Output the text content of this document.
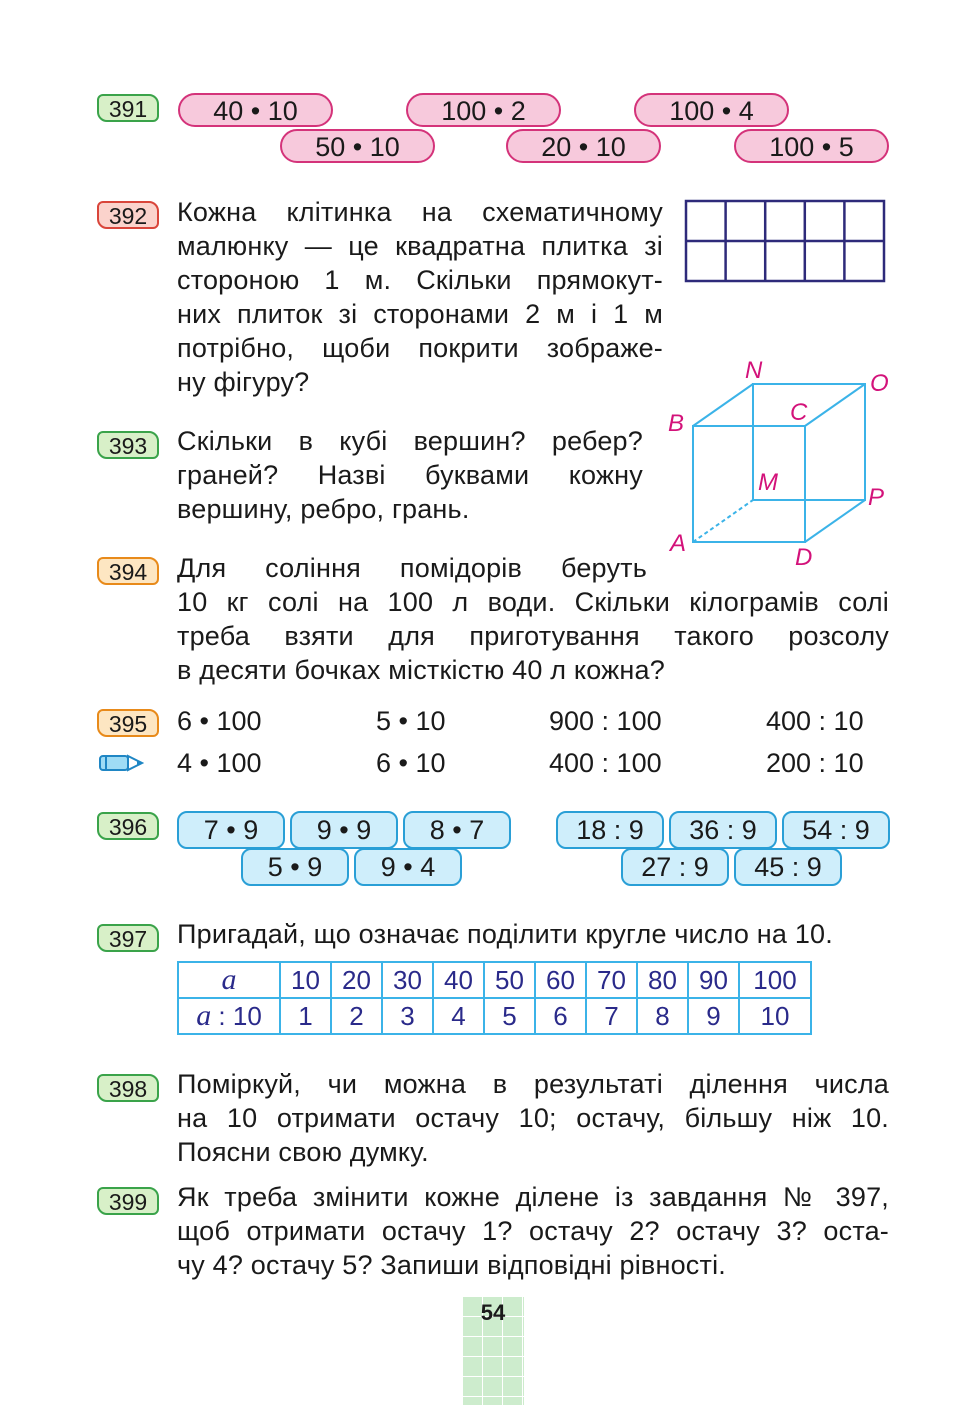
391	40 • 10	100 • 2	100 • 4
50 • 10	20 • 10	100 • 5
392	Кожна клітинка на схематичному
малюнку — це квадратна плитка зі
стороною 1 м. Скільки прямокут-
них плиток зі сторонами 2 м і 1 м
потрібно, щоби покрити зображе-
ну фігуру?	N	O
B	C
M
P
A
D
393	Скільки в кубі вершин? ребер?
граней? Назві буквами кожну
вершину, ребро, грань.
394	Для соління помідорів беруть
10 кг солі на 100 л води. Скільки кілограмів солі
треба взяти для приготування такого розсолу
в десяти бочках місткістю 40 л кожна?
395	6 • 100	5 • 10	900 : 100	400 : 10
4 • 100	6 • 10	400 : 100	200 : 10
396	7 • 9	9 • 9	8 • 7
5 • 9	9 • 4
18 : 9	36 : 9	54 : 9
27 : 9	45 : 9
397	Пригадай, що означає поділити кругле число на 10.
a	10	20	30	40	50	60	70	80	90	100
a : 10	1	2	3	4	5	6	7	8	9	10
398	Поміркуй, чи можна в результаті ділення числа
на 10 отримати остачу 10; остачу, більшу ніж 10.
Поясни свою думку.
399	Як треба змінити кожне ділене із завдання № 397,
щоб отримати остачу 1? остачу 2? остачу 3? оста-
чу 4? остачу 5? Запиши відповідні рівності.
54
